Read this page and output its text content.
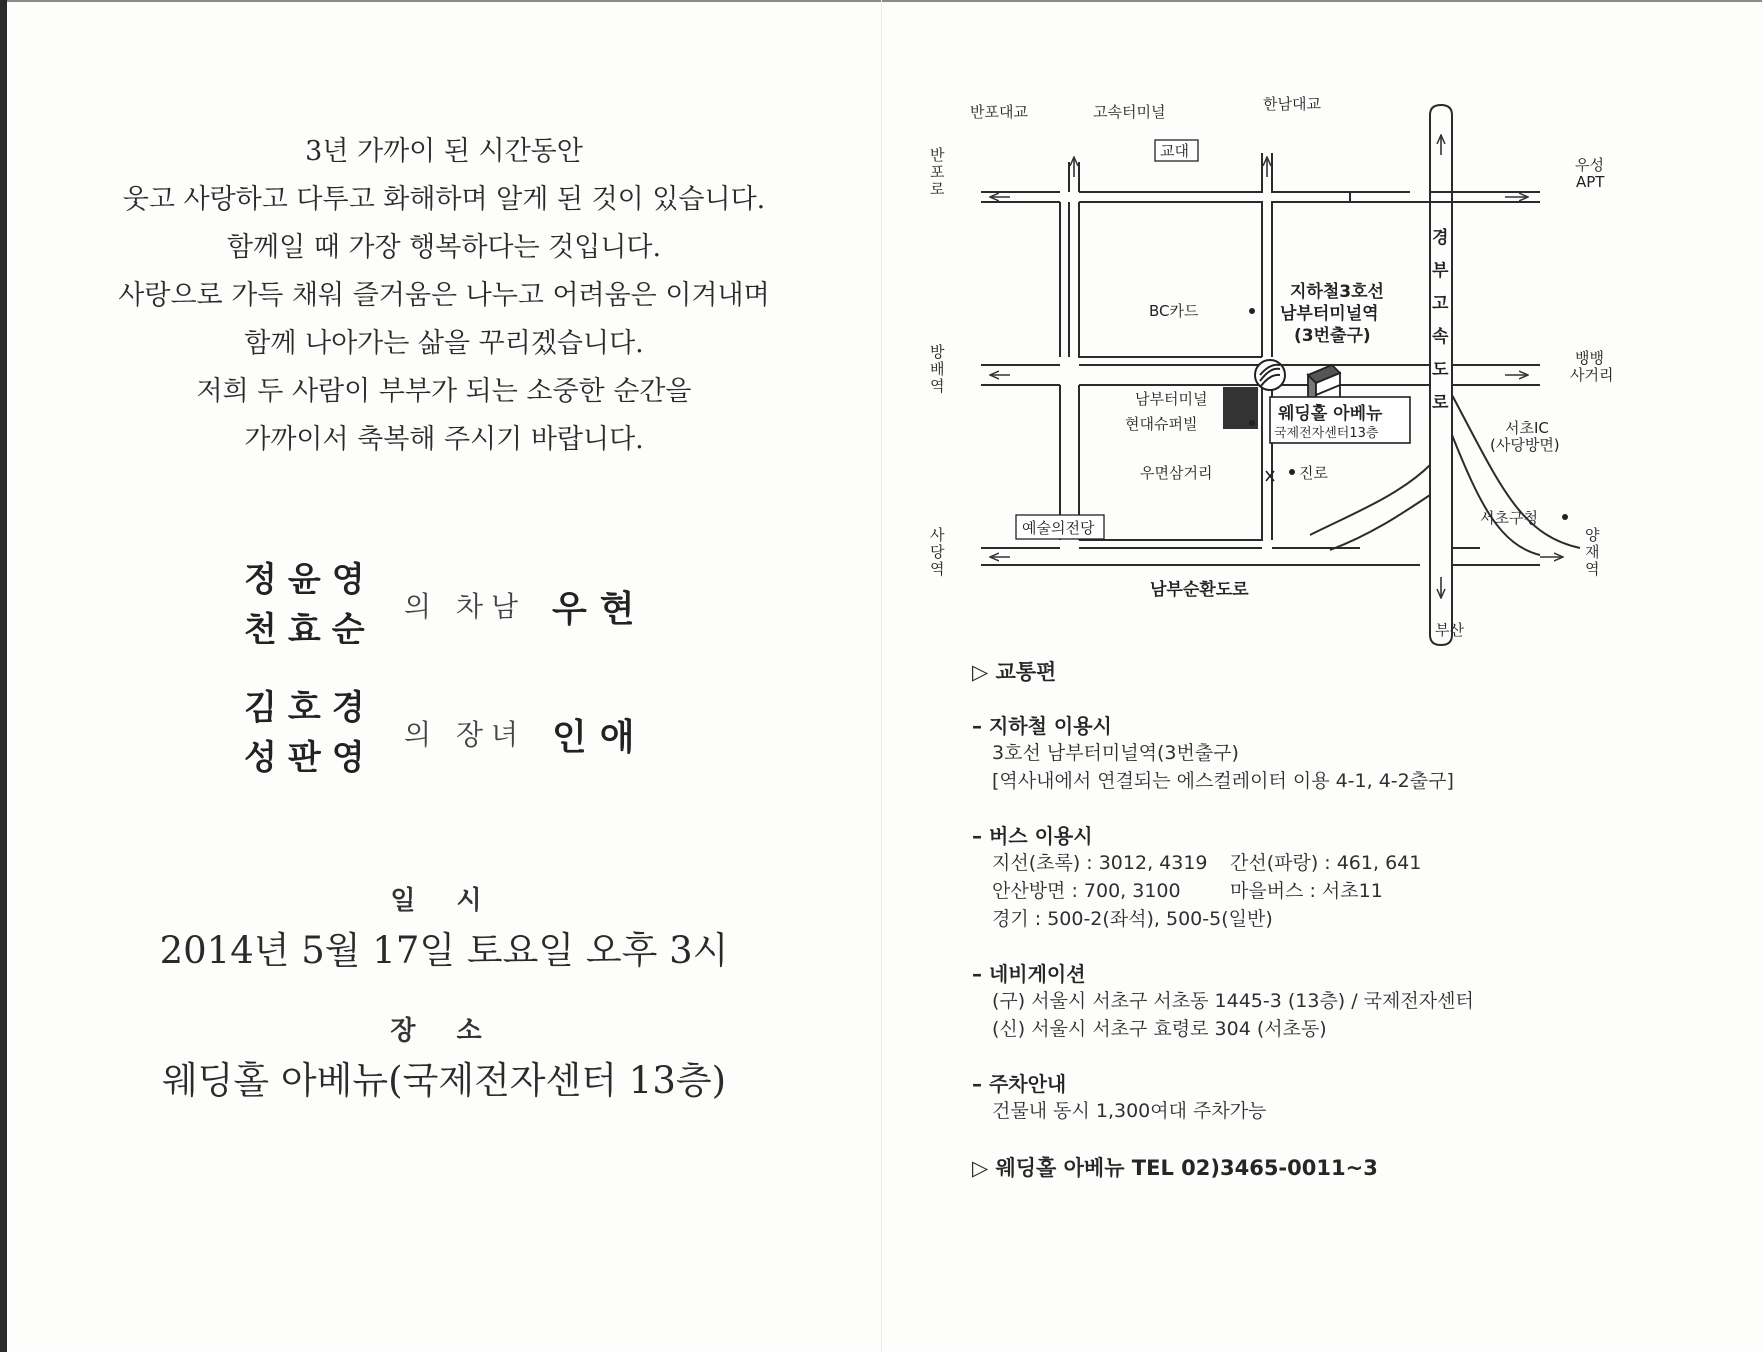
3년 가까이 된 시간동안
웃고 사랑하고 다투고 화해하며 알게 된 것이 있습니다.
함께일 때 가장 행복하다는 것입니다.
사랑으로 가득 채워 즐거움은 나누고 어려움은 이겨내며
함께 나아가는 삶을 꾸리겠습니다.
저희 두 사람이 부부가 되는 소중한 순간을
가까이서 축복해 주시기 바랍니다.
정윤영
천효순
의 차남 우현
김호경
성판영
의 장녀 인애
일 시
2014년 5월 17일 토요일 오후 3시
장 소
웨딩홀 아베뉴(국제전자센터 13층)
반포대교	고속터미널
교대
한남대교
반
포
로
우성
APT
BC카드
방
배
역
뱅뱅
사거리
남부터미널
현대슈퍼빌	서초IC
(사당방면)
우면삼거리	진로
사
당
역
양
재
역
예술의전당
서초구청
부산
지하철3호선
남부터미널역
(3번출구)
남부순환도로
웨딩홀 아베뉴
경
부
고
속
도
로
국제전자센터13층
▷ 교통편
– 지하철 이용시
3호선 남부터미널역(3번출구)
[역사내에서 연결되는 에스컬레이터 이용 4-1, 4-2출구]
– 버스 이용시
지선(초록) : 3012, 4319 간선(파랑) : 461, 641
안산방면 : 700, 3100	마을버스 : 서초11
경기 : 500-2(좌석), 500-5(일반)
– 네비게이션
(구) 서울시 서초구 서초동 1445-3 (13층) / 국제전자센터
(신) 서울시 서초구 효령로 304 (서초동)
– 주차안내
건물내 동시 1,300여대 주차가능
▷ 웨딩홀 아베뉴 TEL 02)3465-0011~3
